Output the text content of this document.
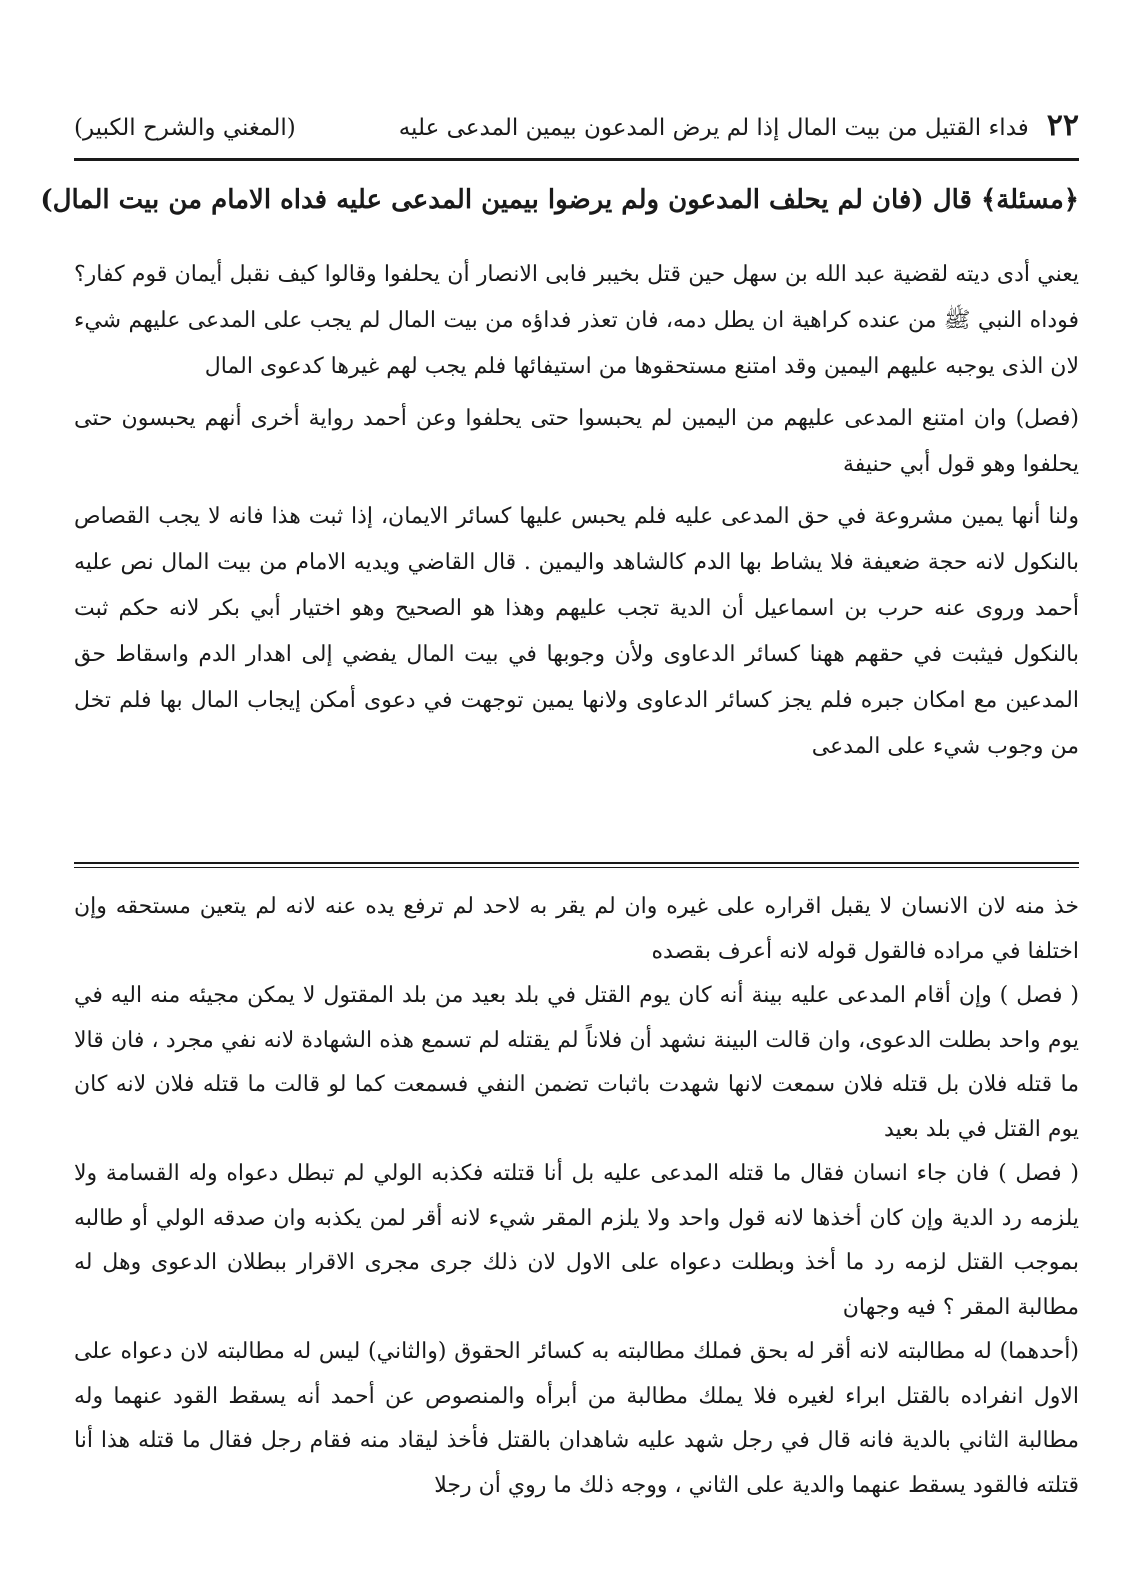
٢٢
فداء القتيل من بيت المال إذا لم يرض المدعون بيمين المدعى عليه
(المغني والشرح الكبير)
﴿مسئلة﴾ قال (فان لم يحلف المدعون ولم يرضوا بيمين المدعى عليه فداه الامام من بيت المال)

يعني أدى ديته لقضية عبد الله بن سهل حين قتل بخيبر فابى الانصار أن يحلفوا وقالوا كيف نقبل أيمان قوم كفار؟ فوداه النبي ﷺ من عنده كراهية ان يطل دمه، فان تعذر فداؤه من بيت المال لم يجب على المدعى عليهم شيء لان الذى يوجبه عليهم اليمين وقد امتنع مستحقوها من استيفائها فلم يجب لهم غيرها كدعوى المال

(فصل) وان امتنع المدعى عليهم من اليمين لم يحبسوا حتى يحلفوا وعن أحمد رواية أخرى أنهم يحبسون حتى يحلفوا وهو قول أبي حنيفة

ولنا أنها يمين مشروعة في حق المدعى عليه فلم يحبس عليها كسائر الايمان، إذا ثبت هذا فانه لا يجب القصاص بالنكول لانه حجة ضعيفة فلا يشاط بها الدم كالشاهد واليمين . قال القاضي ويديه الامام من بيت المال نص عليه أحمد وروى عنه حرب بن اسماعيل أن الدية تجب عليهم وهذا هو الصحيح وهو اختيار أبي بكر لانه حكم ثبت بالنكول فيثبت في حقهم ههنا كسائر الدعاوى ولأن وجوبها في بيت المال يفضي إلى اهدار الدم واسقاط حق المدعين مع امكان جبره فلم يجز كسائر الدعاوى ولانها يمين توجهت في دعوى أمكن إيجاب المال بها فلم تخل من وجوب شيء على المدعى

خذ منه لان الانسان لا يقبل اقراره على غيره وان لم يقر به لاحد لم ترفع يده عنه لانه لم يتعين مستحقه وإن اختلفا في مراده فالقول قوله لانه أعرف بقصده

( فصل ) وإن أقام المدعى عليه بينة أنه كان يوم القتل في بلد بعيد من بلد المقتول لا يمكن مجيئه منه اليه في يوم واحد بطلت الدعوى، وان قالت البينة نشهد أن فلاناً لم يقتله لم تسمع هذه الشهادة لانه نفي مجرد ، فان قالا ما قتله فلان بل قتله فلان سمعت لانها شهدت باثبات تضمن النفي فسمعت كما لو قالت ما قتله فلان لانه كان يوم القتل في بلد بعيد

( فصل ) فان جاء انسان فقال ما قتله المدعى عليه بل أنا قتلته فكذبه الولي لم تبطل دعواه وله القسامة ولا يلزمه رد الدية وإن كان أخذها لانه قول واحد ولا يلزم المقر شيء لانه أقر لمن يكذبه وان صدقه الولي أو طالبه بموجب القتل لزمه رد ما أخذ وبطلت دعواه على الاول لان ذلك جرى مجرى الاقرار ببطلان الدعوى وهل له مطالبة المقر ؟ فيه وجهان

(أحدهما) له مطالبته لانه أقر له بحق فملك مطالبته به كسائر الحقوق (والثاني) ليس له مطالبته لان دعواه على الاول انفراده بالقتل ابراء لغيره فلا يملك مطالبة من أبرأه والمنصوص عن أحمد أنه يسقط القود عنهما وله مطالبة الثاني بالدية فانه قال في رجل شهد عليه شاهدان بالقتل فأخذ ليقاد منه فقام رجل فقال ما قتله هذا أنا قتلته فالقود يسقط عنهما والدية على الثاني ، ووجه ذلك ما روي أن رجلا
